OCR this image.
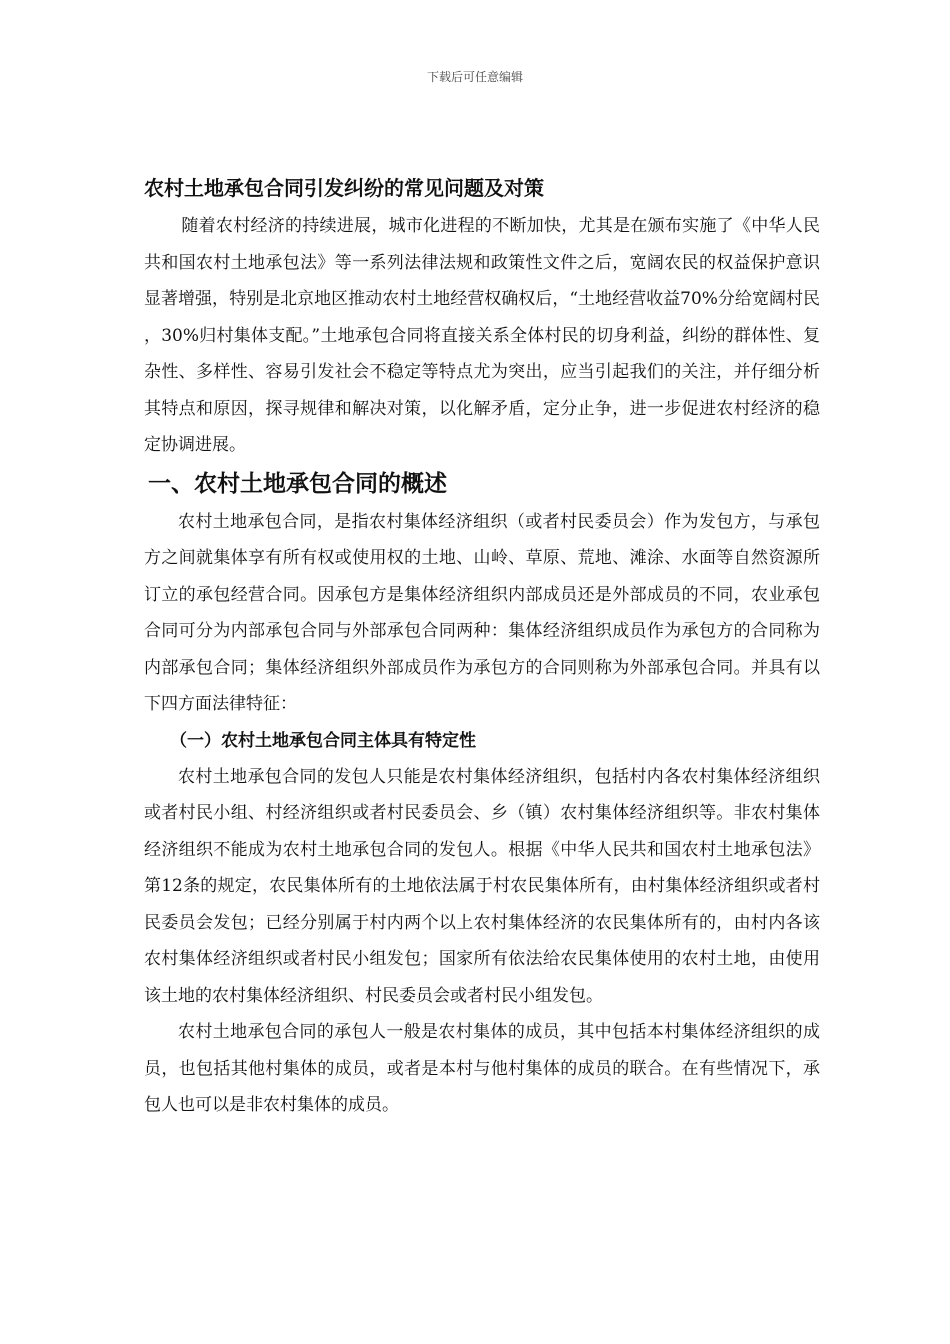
下载后可任意编辑
农村土地承包合同引发纠纷的常见问题及对策

随着农村经济的持续进展，城市化进程的不断加快，尤其是在颁布实施了《中华人民共和国农村土地承包法》等一系列法律法规和政策性文件之后，宽阔农民的权益保护意识显著增强，特别是北京地区推动农村土地经营权确权后，“土地经营收益70%分给宽阔村民，30%归村集体支配。”土地承包合同将直接关系全体村民的切身利益，纠纷的群体性、复杂性、多样性、容易引发社会不稳定等特点尤为突出，应当引起我们的关注，并仔细分析其特点和原因，探寻规律和解决对策，以化解矛盾，定分止争，进一步促进农村经济的稳定协调进展。

一、农村土地承包合同的概述

农村土地承包合同，是指农村集体经济组织（或者村民委员会）作为发包方，与承包方之间就集体享有所有权或使用权的土地、山岭、草原、荒地、滩涂、水面等自然资源所订立的承包经营合同。因承包方是集体经济组织内部成员还是外部成员的不同，农业承包合同可分为内部承包合同与外部承包合同两种：集体经济组织成员作为承包方的合同称为内部承包合同；集体经济组织外部成员作为承包方的合同则称为外部承包合同。并具有以下四方面法律特征：

（一）农村土地承包合同主体具有特定性

农村土地承包合同的发包人只能是农村集体经济组织，包括村内各农村集体经济组织或者村民小组、村经济组织或者村民委员会、乡（镇）农村集体经济组织等。非农村集体经济组织不能成为农村土地承包合同的发包人。根据《中华人民共和国农村土地承包法》第12条的规定，农民集体所有的土地依法属于村农民集体所有，由村集体经济组织或者村民委员会发包；已经分别属于村内两个以上农村集体经济的农民集体所有的，由村内各该农村集体经济组织或者村民小组发包；国家所有依法给农民集体使用的农村土地，由使用该土地的农村集体经济组织、村民委员会或者村民小组发包。

农村土地承包合同的承包人一般是农村集体的成员，其中包括本村集体经济组织的成员，也包括其他村集体的成员，或者是本村与他村集体的成员的联合。在有些情况下，承包人也可以是非农村集体的成员。
